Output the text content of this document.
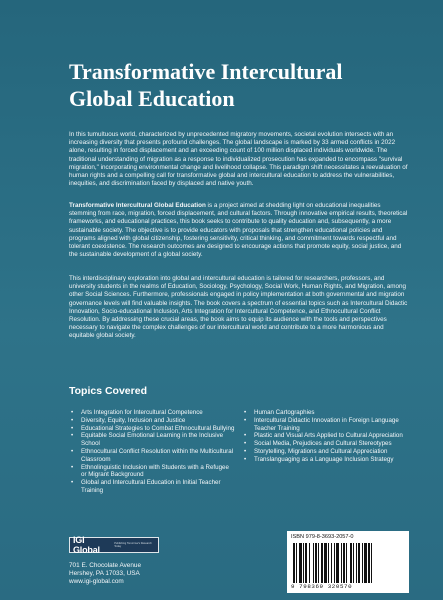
Transformative Intercultural Global Education

In this tumultuous world, characterized by unprecedented migratory movements, societal evolution intersects with an increasing diversity that presents profound challenges. The global landscape is marked by 33 armed conflicts in 2022 alone, resulting in forced displacement and an exceeding count of 100 million displaced individuals worldwide. The traditional understanding of migration as a response to individualized prosecution has expanded to encompass "survival migration," incorporating environmental change and livelihood collapse. This paradigm shift necessitates a reevaluation of human rights and a compelling call for transformative global and intercultural education to address the vulnerabilities, inequities, and discrimination faced by displaced and native youth.

Transformative Intercultural Global Education is a project aimed at shedding light on educational inequalities stemming from race, migration, forced displacement, and cultural factors. Through innovative empirical results, theoretical frameworks, and educational practices, this book seeks to contribute to quality education and, subsequently, a more sustainable society. The objective is to provide educators with proposals that strengthen educational policies and programs aligned with global citizenship, fostering sensitivity, critical thinking, and commitment towards respectful and tolerant coexistence. The research outcomes are designed to encourage actions that promote equity, social justice, and the sustainable development of a global society.

This interdisciplinary exploration into global and intercultural education is tailored for researchers, professors, and university students in the realms of Education, Sociology, Psychology, Social Work, Human Rights, and Migration, among other Social Sciences. Furthermore, professionals engaged in policy implementation at both governmental and migration governance levels will find valuable insights. The book covers a spectrum of essential topics such as Intercultural Didactic Innovation, Socio-educational Inclusion, Arts Integration for Intercultural Competence, and Ethnocultural Conflict Resolution. By addressing these crucial areas, the book aims to equip its audience with the tools and perspectives necessary to navigate the complex challenges of our intercultural world and contribute to a more harmonious and equitable global society.

Topics Covered
• Arts Integration for Intercultural Competence
• Diversity, Equity, Inclusion and Justice
• Educational Strategies to Combat Ethnocultural Bullying
• Equitable Social Emotional Learning in the Inclusive School
• Ethnocultural Conflict Resolution within the Multicultural Classroom
• Ethnolinguistic Inclusion with Students with a Refugee or Migrant Background
• Global and Intercultural Education in Initial Teacher Training
• Human Cartographies
• Intercultural Didactic Innovation in Foreign Language Teacher Training
• Plastic and Visual Arts Applied to Cultural Appreciation
• Social Media, Prejudices and Cultural Stereotypes
• Storytelling, Migrations and Cultural Appreciation
• Translanguaging as a Language Inclusion Strategy
IGI Global
Publishing Tomorrow's Research Today
701 E. Chocolate Avenue
Hershey, PA 17033, USA
www.igi-global.com
ISBN 979-8-3693-2057-0
9 798369 320570
